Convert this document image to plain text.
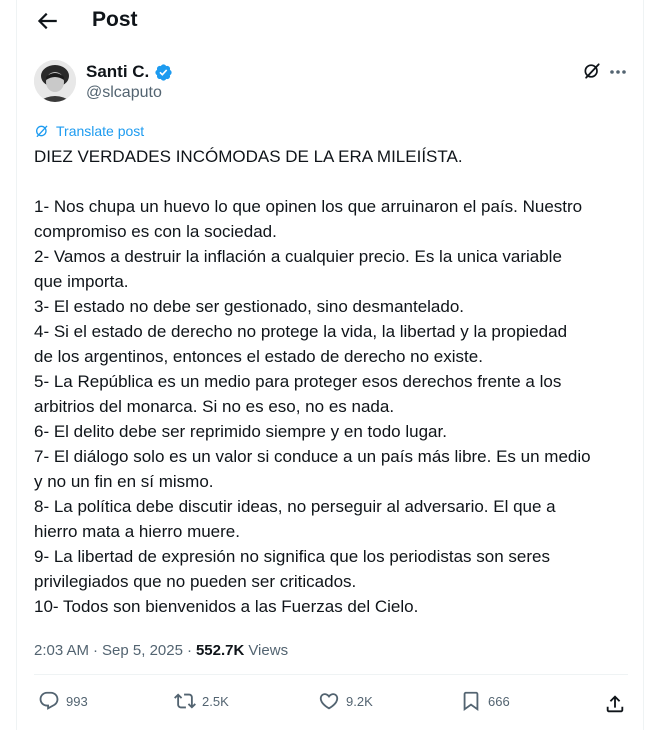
Post
Santi C.
@slcaputo
Translate post

DIEZ VERDADES INCÓMODAS DE LA ERA MILEIÍSTA.

1- Nos chupa un huevo lo que opinen los que arruinaron el país. Nuestro

compromiso es con la sociedad.

2- Vamos a destruir la inflación a cualquier precio. Es la unica variable

que importa.

3- El estado no debe ser gestionado, sino desmantelado.

4- Si el estado de derecho no protege la vida, la libertad y la propiedad

de los argentinos, entonces el estado de derecho no existe.

5- La República es un medio para proteger esos derechos frente a los

arbitrios del monarca. Si no es eso, no es nada.

6- El delito debe ser reprimido siempre y en todo lugar.

7- El diálogo solo es un valor si conduce a un país más libre. Es un medio

y no un fin en sí mismo.

8- La política debe discutir ideas, no perseguir al adversario. El que a

hierro mata a hierro muere.

9- La libertad de expresión no significa que los periodistas son seres

privilegiados que no pueden ser criticados.

10- Todos son bienvenidos a las Fuerzas del Cielo.

2:03 AM · Sep 5, 2025 · 552.7K Views
993	2.5K	9.2K	666
